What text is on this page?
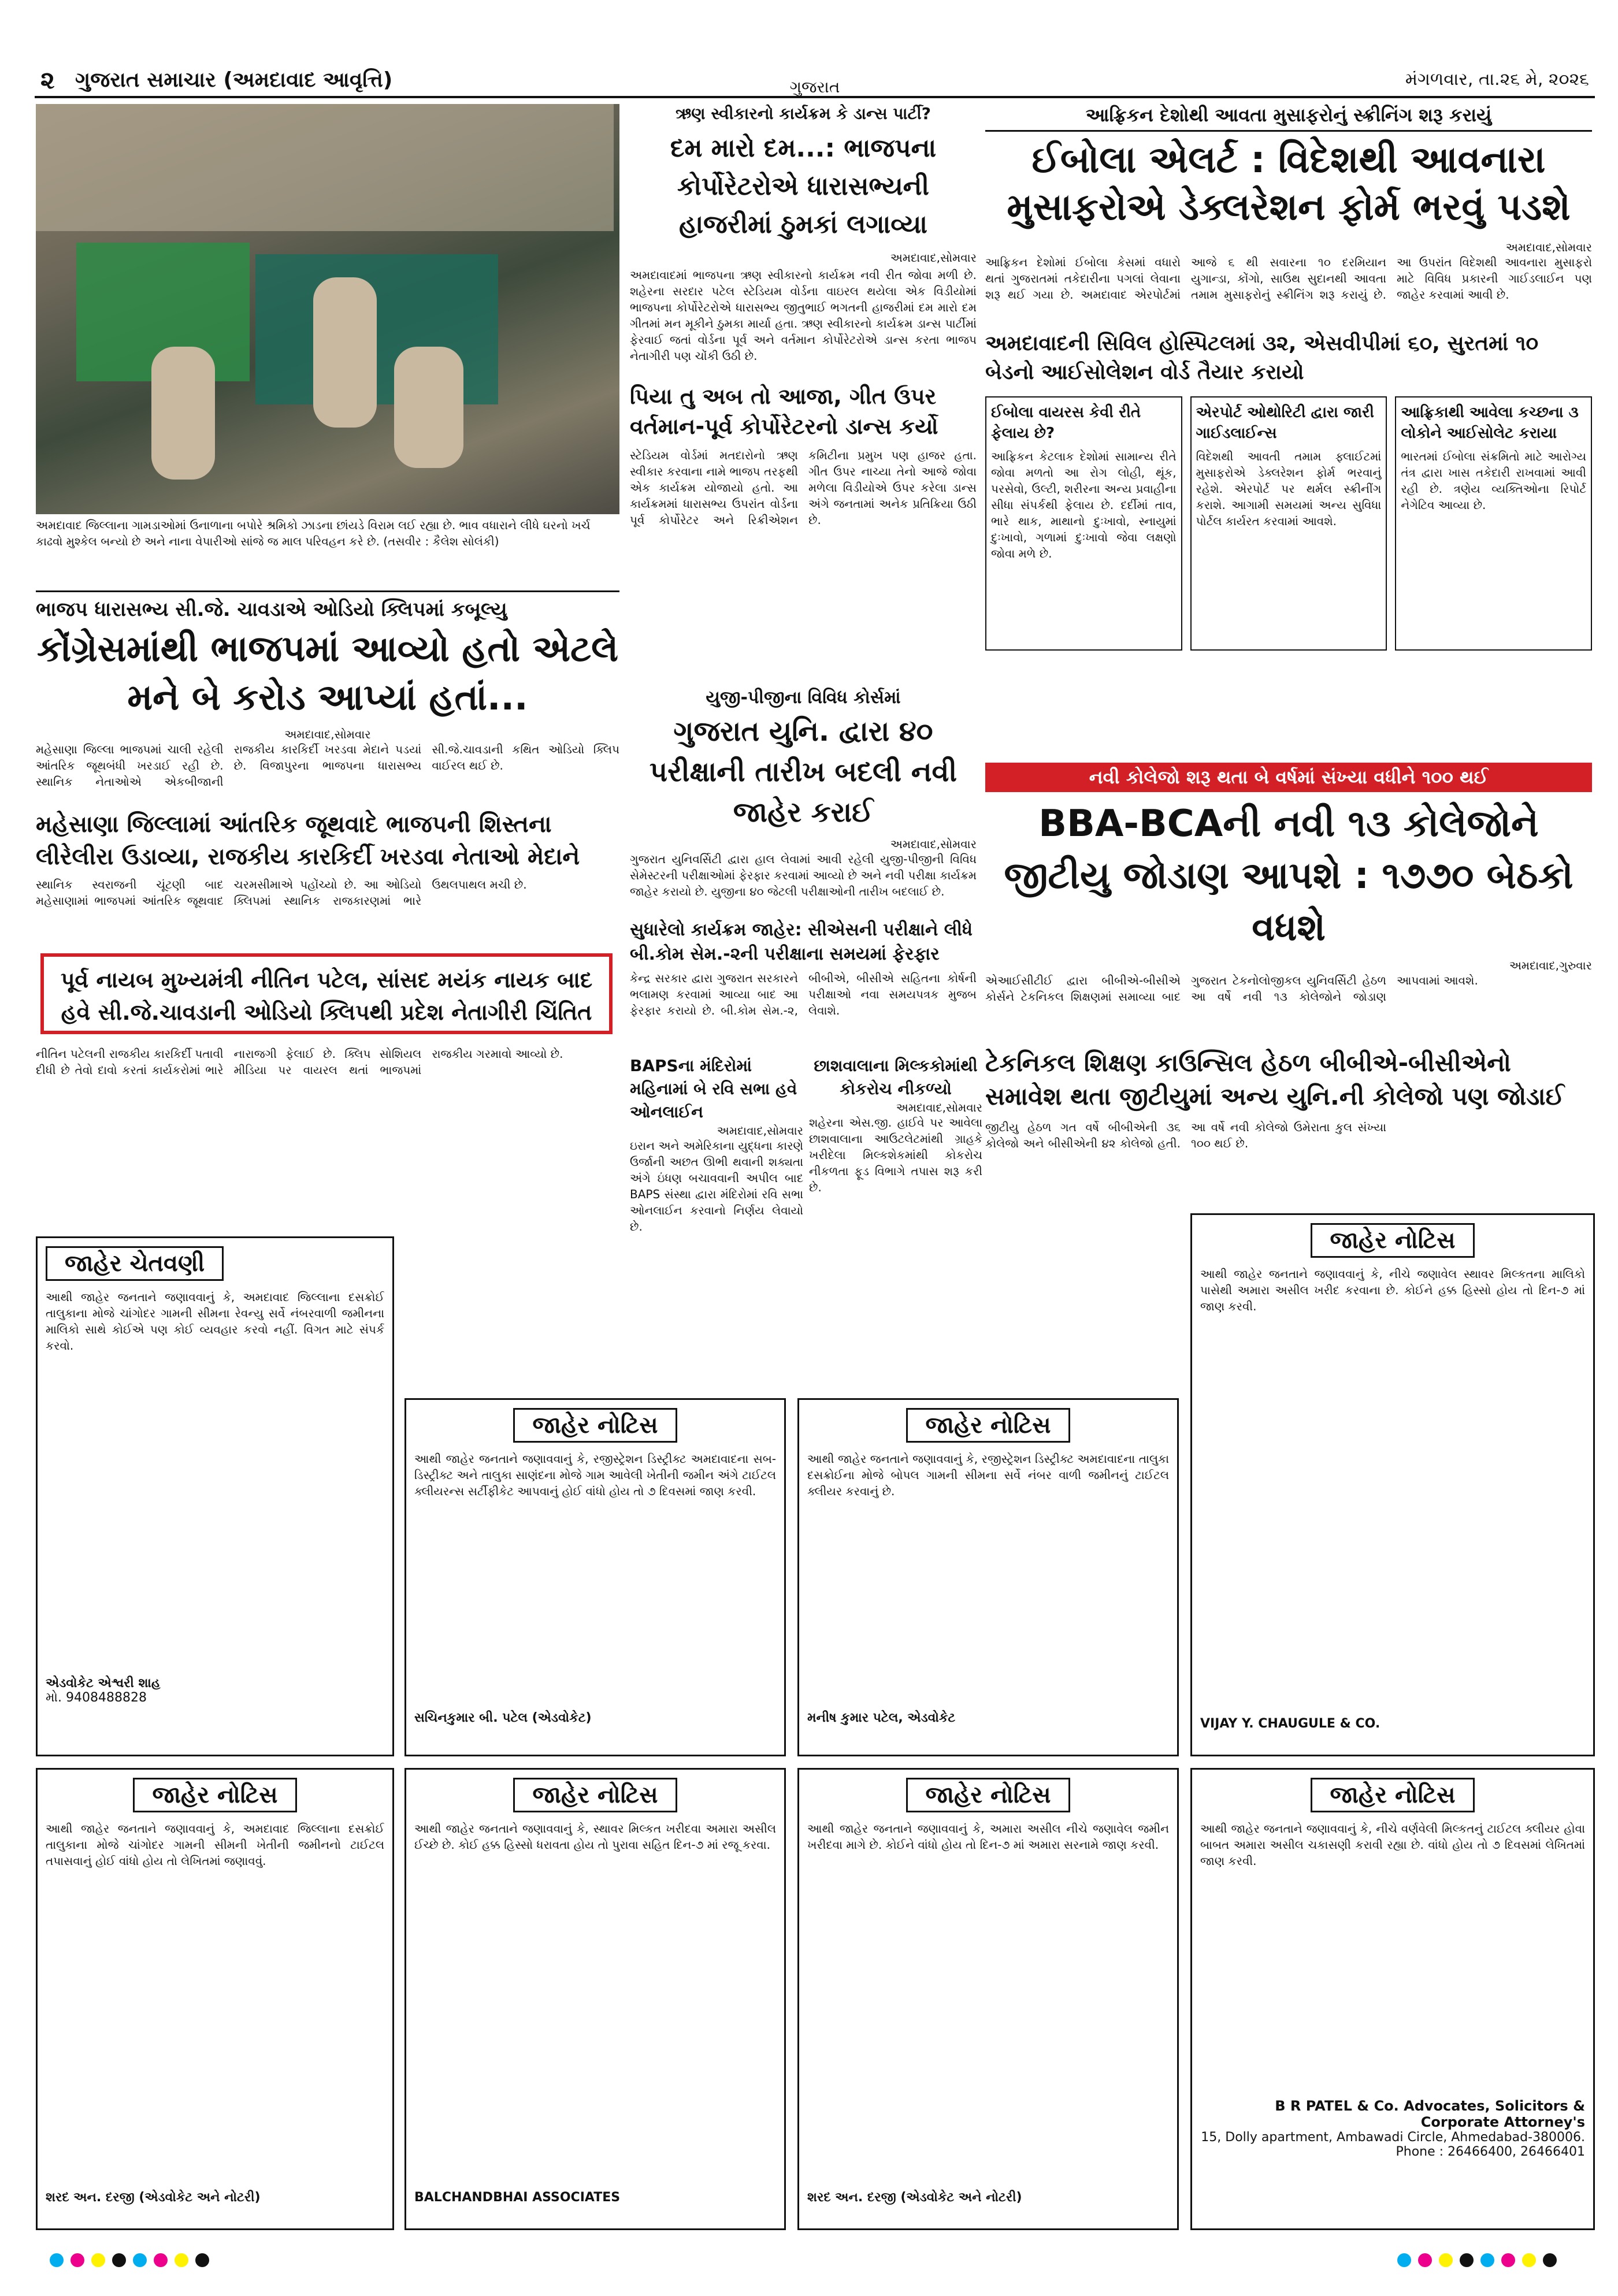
૨ ગુજરાત સમાચાર (અમદાવાદ આવૃત્તિ)	મંગળવાર, તા.૨૬ મે, ૨૦૨૬
ગુજરાત
અમદાવાદ જિલ્લાના ગામડાઓમાં ઉનાળાના બપોરે શ્રમિકો ઝાડના છાંયડે વિરામ લઈ રહ્યા છે. ભાવ વધારાને લીધે ઘરનો ખર્ચ કાઢવો મુશ્કેલ બન્યો છે અને નાના વેપારીઓ સાંજે જ માલ પરિવહન કરે છે. (તસવીર : કૈલેશ સોલંકી)
ઋણ સ્વીકારનો કાર્યક્રમ કે ડાન્સ પાર્ટી?
દમ મારો દમ...: ભાજપના કોર્પોરેટરોએ ધારાસભ્યની હાજરીમાં ઠુમકાં લગાવ્યા
અમદાવાદ,સોમવાર
અમદાવાદમાં ભાજપના ઋણ સ્વીકારનો કાર્યક્રમ નવી રીત જોવા મળી છે. શહેરના સરદાર પટેલ સ્ટેડિયમ વોર્ડના વાઇરલ થયેલા એક વિડીયોમાં ભાજપના કોર્પોરેટરોએ ધારાસભ્ય જીતુભાઈ ભગતની હાજરીમાં દમ મારો દમ ગીતમાં મન મૂકીને ઠુમકા માર્યા હતા. ઋણ સ્વીકારનો કાર્યક્રમ ડાન્સ પાર્ટીમાં ફેરવાઈ જતાં વોર્ડના પૂર્વ અને વર્તમાન કોર્પોરેટરોએ ડાન્સ કરતા ભાજપ નેતાગીરી પણ ચોંકી ઉઠી છે.
પિયા તુ અબ તો આજા, ગીત ઉપર વર્તમાન-પૂર્વ કોર્પોરેટરનો ડાન્સ કર્યો
સ્ટેડિયમ વોર્ડમાં મતદારોનો ઋણ સ્વીકાર કરવાના નામે ભાજપ તરફથી એક કાર્યક્રમ યોજાયો હતો. આ કાર્યક્રમમાં ધારાસભ્ય ઉપરાંત વોર્ડના પૂર્વ કોર્પોરેટર અને રિક્રીએશન કમિટીના પ્રમુખ પણ હાજર હતા. ગીત ઉપર નાચ્યા તેનો આજે જોવા મળેલા વિડીયોએ ઉપર કરેલા ડાન્સ અંગે જનતામાં અનેક પ્રતિક્રિયા ઉઠી છે.
આફ્રિકન દેશોથી આવતા મુસાફરોનું સ્ક્રીનિંગ શરૂ કરાયું
ઈબોલા એલર્ટ : વિદેશથી આવનારા મુસાફરોએ ડેક્લરેશન ફોર્મ ભરવું પડશે
અમદાવાદ,સોમવાર
આફ્રિકન દેશોમાં ઈબોલા કેસમાં વધારો થતાં ગુજરાતમાં તકેદારીના પગલાં લેવાના શરૂ થઈ ગયા છે. અમદાવાદ એરપોર્ટમાં આજે ૬ થી સવારના ૧૦ દરમિયાન યુગાન્ડા, કોંગો, સાઉથ સુદાનથી આવતા તમામ મુસાફરોનું સ્ક્રીનિંગ શરૂ કરાયું છે. આ ઉપરાંત વિદેશથી આવનારા મુસાફરો માટે વિવિધ પ્રકારની ગાઈડલાઈન પણ જાહેર કરવામાં આવી છે.
અમદાવાદની સિવિલ હોસ્પિટલમાં ૩૨, એસવીપીમાં ૬૦, સુરતમાં ૧૦ બેડનો આઈસોલેશન વોર્ડ તૈયાર કરાયો
ઈબોલા વાયરસ કેવી રીતે ફેલાય છે?
આફ્રિકન કેટલાક દેશોમાં સામાન્ય રીતે જોવા મળતો આ રોગ લોહી, થૂંક, પરસેવો, ઉલ્ટી, શરીરના અન્ય પ્રવાહીના સીધા સંપર્કથી ફેલાય છે. દર્દીમાં તાવ, ભારે થાક, માથાનો દુઃખાવો, સ્નાયુમાં દુઃખાવો, ગળામાં દુઃખાવો જેવા લક્ષણો જોવા મળે છે.
એરપોર્ટ ઓથોરિટી દ્વારા જારી ગાઈડલાઈન્સ
વિદેશથી આવતી તમામ ફ્લાઈટમાં મુસાફરોએ ડેક્લરેશન ફોર્મ ભરવાનું રહેશે. એરપોર્ટ પર થર્મલ સ્ક્રીનીંગ કરાશે. આગામી સમયમાં અન્ય સુવિધા પોર્ટલ કાર્યરત કરવામાં આવશે.
આફ્રિકાથી આવેલા કચ્છના ૩ લોકોને આઈસોલેટ કરાયા
ભારતમાં ઈબોલા સંક્રમિતો માટે આરોગ્ય તંત્ર દ્વારા ખાસ તકેદારી રાખવામાં આવી રહી છે. ત્રણેય વ્યક્તિઓના રિપોર્ટ નેગેટિવ આવ્યા છે.
ભાજપ ધારાસભ્ય સી.જે. ચાવડાએ ઓડિયો ક્લિપમાં કબૂલ્યુ
કોંગ્રેસમાંથી ભાજપમાં આવ્યો હતો એટલે મને બે કરોડ આપ્યાં હતાં...
અમદાવાદ,સોમવાર
મહેસાણા જિલ્લા ભાજપમાં ચાલી રહેલી આંતરિક જૂથબંધી ખરડાઈ રહી છે. સ્થાનિક નેતાઓએ એકબીજાની રાજકીય કારકિર્દી ખરડવા મેદાને પડયાં છે. વિજાપુરના ભાજપના ધારાસભ્ય સી.જે.ચાવડાની કથિત ઓડિયો ક્લિપ વાઈરલ થઈ છે.
મહેસાણા જિલ્લામાં આંતરિક જૂથવાદે ભાજપની શિસ્તના લીરેલીરા ઉડાવ્યા, રાજકીય કારકિર્દી ખરડવા નેતાઓ મેદાને
સ્થાનિક સ્વરાજની ચૂંટણી બાદ મહેસાણામાં ભાજપમાં આંતરિક જૂથવાદ ચરમસીમાએ પહોંચ્યો છે. આ ઓડિયો ક્લિપમાં સ્થાનિક રાજકારણમાં ભારે ઉથલપાથલ મચી છે.
પૂર્વ નાયબ મુખ્યમંત્રી નીતિન પટેલ, સાંસદ મયંક નાયક બાદ હવે સી.જે.ચાવડાની ઓડિયો ક્લિપથી પ્રદેશ નેતાગીરી ચિંતિત
નીતિન પટેલની રાજકીય કારકિર્દી પતાવી દીધી છે તેવો દાવો કરતાં કાર્યકરોમાં ભારે નારાજગી ફેલાઈ છે. ક્લિપ સોશિયલ મીડિયા પર વાયરલ થતાં ભાજપમાં રાજકીય ગરમાવો આવ્યો છે.
યુજી-પીજીના વિવિધ કોર્સમાં
ગુજરાત યુનિ. દ્વારા ૪૦ પરીક્ષાની તારીખ બદલી નવી જાહેર કરાઈ
અમદાવાદ,સોમવાર
ગુજરાત યુનિવર્સિટી દ્વારા હાલ લેવામાં આવી રહેલી યુજી-પીજીની વિવિધ સેમેસ્ટરની પરીક્ષાઓમાં ફેરફાર કરવામાં આવ્યો છે અને નવી પરીક્ષા કાર્યક્રમ જાહેર કરાયો છે. યુજીના ૪૦ જેટલી પરીક્ષાઓની તારીખ બદલાઈ છે.
સુધારેલો કાર્યક્રમ જાહેર: સીએસની પરીક્ષાને લીધે બી.કોમ સેમ.-૨ની પરીક્ષાના સમયમાં ફેરફાર
કેન્દ્ર સરકાર દ્વારા ગુજરાત સરકારને ભલામણ કરવામાં આવ્યા બાદ આ ફેરફાર કરાયો છે. બી.કોમ સેમ.-૨, બીબીએ, બીસીએ સહિતના કોર્ષની પરીક્ષાઓ નવા સમયપત્રક મુજબ લેવાશે.
BAPSના મંદિરોમાં મહિનામાં બે રવિ સભા હવે ઓનલાઈન
અમદાવાદ,સોમવાર
ઇરાન અને અમેરિકાના યુદ્ધના કારણે ઉર્જાની અછત ઊભી થવાની શક્યતા અંગે ઇંધણ બચાવવાની અપીલ બાદ BAPS સંસ્થા દ્વારા મંદિરોમાં રવિ સભા ઓનલાઈન કરવાનો નિર્ણય લેવાયો છે.
છાશવાલાના મિલ્કકોમાંથી કોકરોચ નીકળ્યો
અમદાવાદ,સોમવાર
શહેરના એસ.જી. હાઈવે પર આવેલા છાશવાલાના આઉટલેટમાંથી ગ્રાહકે ખરીદેલા મિલ્કશેકમાંથી કોકરોચ નીકળતા ફૂડ વિભાગે તપાસ શરૂ કરી છે.
નવી કોલેજો શરૂ થતા બે વર્ષમાં સંખ્યા વધીને ૧૦૦ થઈ
BBA-BCAની નવી ૧૩ કોલેજોને જીટીયુ જોડાણ આપશે : ૧૭૭૦ બેઠકો વધશે
અમદાવાદ,ગુરુવાર
એઆઈસીટીઈ દ્વારા બીબીએ-બીસીએ કોર્સને ટેકનિકલ શિક્ષણમાં સમાવ્યા બાદ ગુજરાત ટેકનોલોજીકલ યુનિવર્સિટી હેઠળ આ વર્ષે નવી ૧૩ કોલેજોને જોડાણ આપવામાં આવશે.
ટેકનિકલ શિક્ષણ કાઉન્સિલ હેઠળ બીબીએ-બીસીએનો સમાવેશ થતા જીટીયુમાં અન્ય યુનિ.ની કોલેજો પણ જોડાઈ
જીટીયુ હેઠળ ગત વર્ષે બીબીએની ૩૬ કોલેજો અને બીસીએની ૪૨ કોલેજો હતી. આ વર્ષે નવી કોલેજો ઉમેરાતા કુલ સંખ્યા ૧૦૦ થઈ છે.
જાહેર ચેતવણી
આથી જાહેર જનતાને જણાવવાનું કે, અમદાવાદ જિલ્લાના દસક્રોઈ તાલુકાના મોજે ચાંગોદર ગામની સીમના રેવન્યુ સર્વે નંબરવાળી જમીનના માલિકો સાથે કોઈએ પણ કોઈ વ્યવહાર કરવો નહીં. વિગત માટે સંપર્ક કરવો.
એડવોકેટ એશ્વરી શાહ
મો. 9408488828
જાહેર નોટિસ
આથી જાહેર જનતાને જણાવવાનું કે, રજીસ્ટ્રેશન ડિસ્ટ્રીક્ટ અમદાવાદના સબ-ડિસ્ટ્રીક્ટ અને તાલુકા સાણંદના મોજે ગામ આવેલી ખેતીની જમીન અંગે ટાઈટલ ક્લીયરન્સ સર્ટીફીકેટ આપવાનું હોઈ વાંધો હોય તો ૭ દિવસમાં જાણ કરવી.
સચિનકુમાર બી. પટેલ (એડવોકેટ)
જાહેર નોટિસ
આથી જાહેર જનતાને જણાવવાનું કે, રજીસ્ટ્રેશન ડિસ્ટ્રીક્ટ અમદાવાદના તાલુકા દસક્રોઈના મોજે બોપલ ગામની સીમના સર્વે નંબર વાળી જમીનનું ટાઈટલ ક્લીયર કરવાનું છે.
મનીષ કુમાર પટેલ, એડવોકેટ
જાહેર નોટિસ
આથી જાહેર જનતાને જણાવવાનું કે, નીચે જણાવેલ સ્થાવર મિલ્કતના માલિકો પાસેથી અમારા અસીલ ખરીદ કરવાના છે. કોઈને હક્ક હિસ્સો હોય તો દિન-૭ માં જાણ કરવી.
VIJAY Y. CHAUGULE & CO.
જાહેર નોટિસ
આથી જાહેર જનતાને જણાવવાનું કે, અમદાવાદ જિલ્લાના દસક્રોઈ તાલુકાના મોજે ચાંગોદર ગામની સીમની ખેતીની જમીનનો ટાઈટલ તપાસવાનું હોઈ વાંધો હોય તો લેખિતમાં જણાવવું.
શરદ અન. દરજી (એડવોકેટ અને નોટરી)
જાહેર નોટિસ
આથી જાહેર જનતાને જણાવવાનું કે, સ્થાવર મિલ્કત ખરીદવા અમારા અસીલ ઈચ્છે છે. કોઈ હક્ક હિસ્સો ધરાવતા હોય તો પુરાવા સહિત દિન-૭ માં રજૂ કરવા.
BALCHANDBHAI ASSOCIATES
જાહેર નોટિસ
આથી જાહેર જનતાને જણાવવાનું કે, અમારા અસીલ નીચે જણાવેલ જમીન ખરીદવા માગે છે. કોઈને વાંધો હોય તો દિન-૭ માં અમારા સરનામે જાણ કરવી.
શરદ અન. દરજી (એડવોકેટ અને નોટરી)
જાહેર નોટિસ
આથી જાહેર જનતાને જણાવવાનું કે, નીચે વર્ણવેલી મિલ્કતનું ટાઈટલ ક્લીયર હોવા બાબત અમારા અસીલ ચકાસણી કરાવી રહ્યા છે. વાંધો હોય તો ૭ દિવસમાં લેખિતમાં જાણ કરવી.
B R PATEL & Co. Advocates, Solicitors & Corporate Attorney's
15, Dolly apartment, Ambawadi Circle, Ahmedabad-380006.
Phone : 26466400, 26466401
